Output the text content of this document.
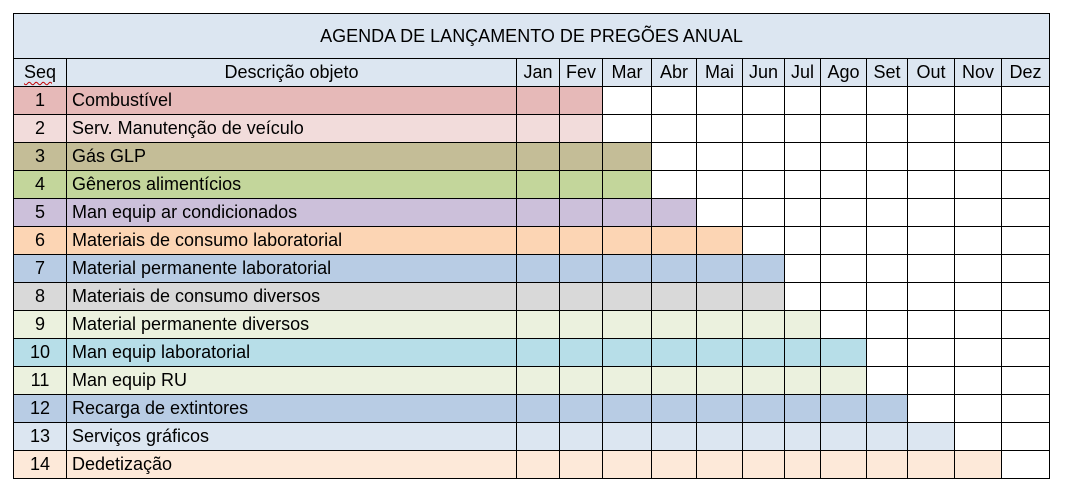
AGENDA DE LANÇAMENTO DE PREGÕES ANUAL													
Seq	Descrição objeto	Jan	Fev	Mar	Abr	Mai	Jun	Jul	Ago	Set	Out	Nov	Dez
1	Combustível												
2	Serv. Manutenção de veículo												
3	Gás GLP												
4	Gêneros alimentícios												
5	Man equip ar condicionados												
6	Materiais de consumo laboratorial												
7	Material permanente laboratorial												
8	Materiais de consumo diversos												
9	Material permanente diversos												
10	Man equip laboratorial												
11	Man equip RU												
12	Recarga de extintores												
13	Serviços gráficos												
14	Dedetização												
